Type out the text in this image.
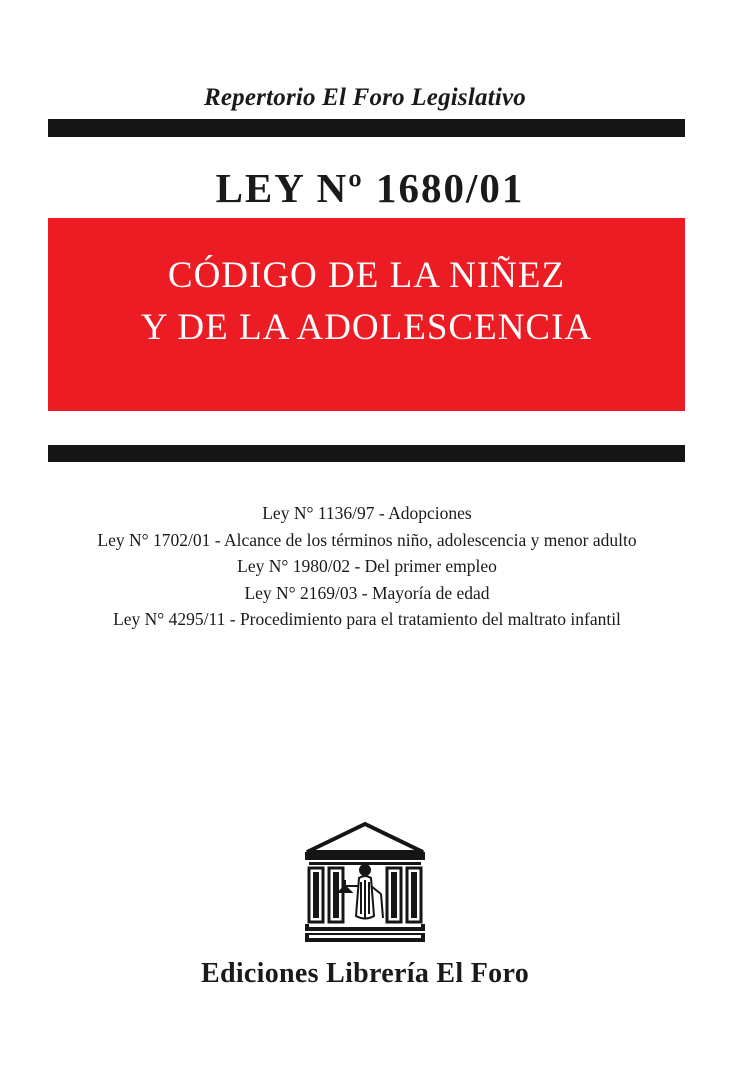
Repertorio El Foro Legislativo
LEY Nº 1680/01
CÓDIGO DE LA NIÑEZ
Y DE LA ADOLESCENCIA
Ley N° 1136/97 - Adopciones
Ley N° 1702/01 - Alcance de los términos niño, adolescencia y menor adulto
Ley N° 1980/02 - Del primer empleo
Ley N° 2169/03 - Mayoría de edad
Ley N° 4295/11 - Procedimiento para el tratamiento del maltrato infantil
Ediciones Librería El Foro
